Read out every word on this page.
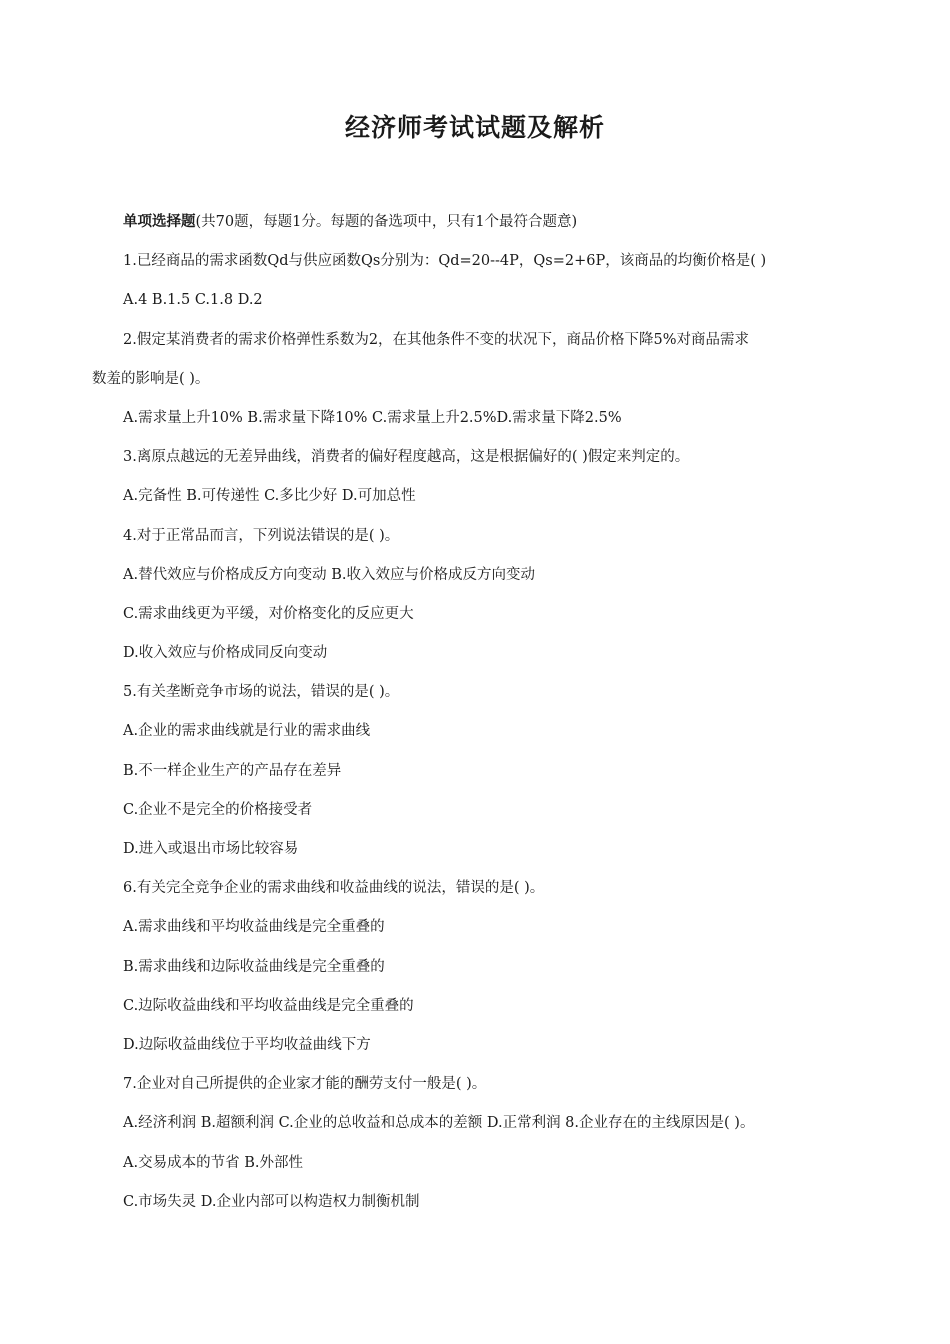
经济师考试试题及解析
单项选择题(共70题，每题1分。每题的备选项中，只有1个最符合题意)
1.已经商品的需求函数Qd与供应函数Qs分别为：Qd=20--4P，Qs=2+6P，该商品的均衡价格是( )
A.4 B.1.5 C.1.8 D.2
2.假定某消费者的需求价格弹性系数为2，在其他条件不变的状况下，商品价格下降5%对商品需求
数羞的影响是( )。
A.需求量上升10% B.需求量下降10% C.需求量上升2.5%D.需求量下降2.5%
3.离原点越远的无差异曲线，消费者的偏好程度越高，这是根据偏好的( )假定来判定的。
A.完备性 B.可传递性 C.多比少好 D.可加总性
4.对于正常品而言，下列说法错误的是( )。
A.替代效应与价格成反方向变动 B.收入效应与价格成反方向变动
C.需求曲线更为平缓，对价格变化的反应更大
D.收入效应与价格成同反向变动
5.有关垄断竞争市场的说法，错误的是( )。
A.企业的需求曲线就是行业的需求曲线
B.不一样企业生产的产品存在差异
C.企业不是完全的价格接受者
D.进入或退出市场比较容易
6.有关完全竞争企业的需求曲线和收益曲线的说法，错误的是( )。
A.需求曲线和平均收益曲线是完全重叠的
B.需求曲线和边际收益曲线是完全重叠的
C.边际收益曲线和平均收益曲线是完全重叠的
D.边际收益曲线位于平均收益曲线下方
7.企业对自己所提供的企业家才能的酬劳支付一般是( )。
A.经济利润 B.超额利润 C.企业的总收益和总成本的差额 D.正常利润 8.企业存在的主线原因是( )。
A.交易成本的节省 B.外部性
C.市场失灵 D.企业内部可以构造权力制衡机制
